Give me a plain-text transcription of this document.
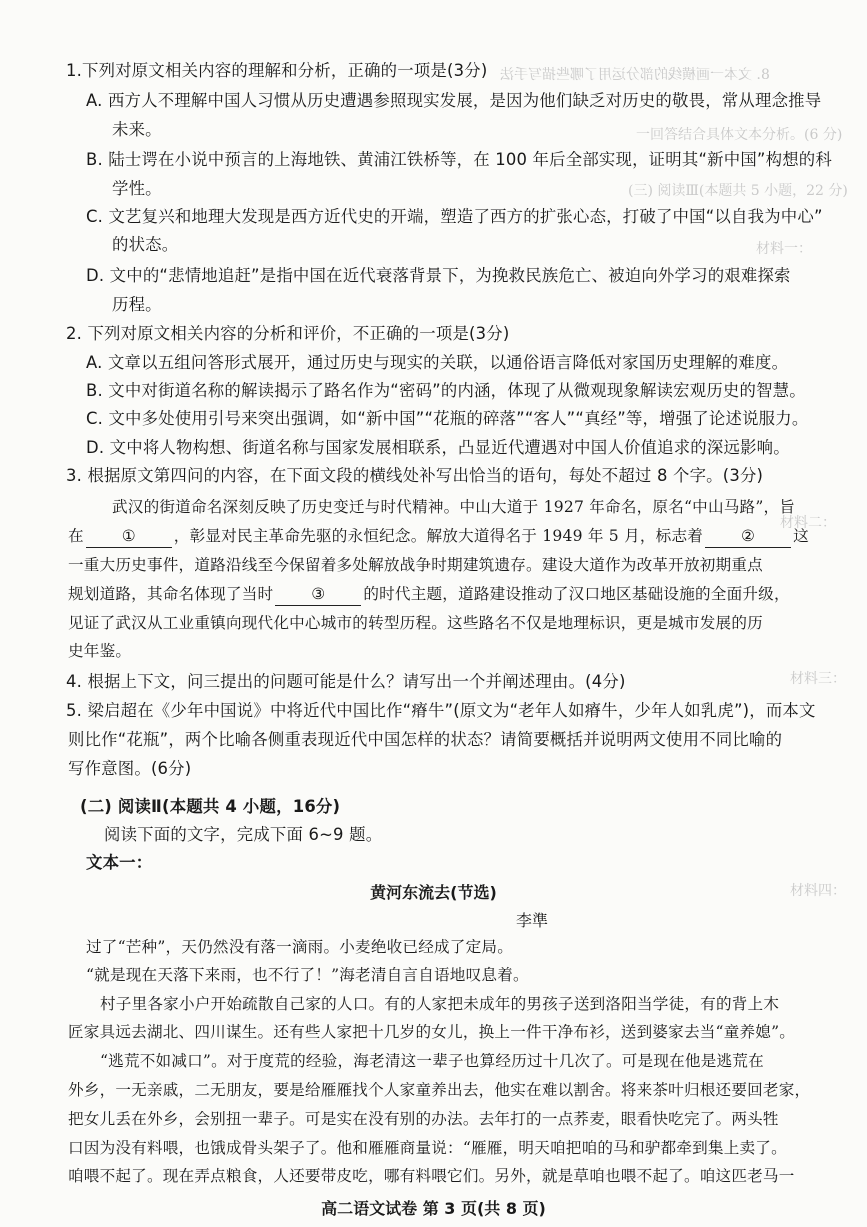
8. 文本一画横线的部分运用了哪些描写手法
一回答结合具体文本分析。(6 分)
(三) 阅读Ⅲ(本题共 5 小题，22 分)
材料一：
材料二：
材料三：
材料四：
1.下列对原文相关内容的理解和分析，正确的一项是(3分)
A. 西方人不理解中国人习惯从历史遭遇参照现实发展，是因为他们缺乏对历史的敬畏，常从理念推导
未来。
B. 陆士谔在小说中预言的上海地铁、黄浦江铁桥等，在 100 年后全部实现，证明其“新中国”构想的科
学性。
C. 文艺复兴和地理大发现是西方近代史的开端，塑造了西方的扩张心态，打破了中国“以自我为中心”
的状态。
D. 文中的“悲情地追赶”是指中国在近代衰落背景下，为挽救民族危亡、被迫向外学习的艰难探索
历程。
2. 下列对原文相关内容的分析和评价，不正确的一项是(3分)
A. 文章以五组问答形式展开，通过历史与现实的关联，以通俗语言降低对家国历史理解的难度。
B. 文中对街道名称的解读揭示了路名作为“密码”的内涵，体现了从微观现象解读宏观历史的智慧。
C. 文中多处使用引号来突出强调，如“新中国”“花瓶的碎落”“客人”“真经”等，增强了论述说服力。
D. 文中将人物构想、街道名称与国家发展相联系，凸显近代遭遇对中国人价值追求的深远影响。
3. 根据原文第四问的内容，在下面文段的横线处补写出恰当的语句，每处不超过 8 个字。(3分)
武汉的街道命名深刻反映了历史变迁与时代精神。中山大道于 1927 年命名，原名“中山马路”，旨
在 ① ，彰显对民主革命先驱的永恒纪念。解放大道得名于 1949 年 5 月，标志着 ② 这
一重大历史事件，道路沿线至今保留着多处解放战争时期建筑遗存。建设大道作为改革开放初期重点
规划道路，其命名体现了当时 ③ 的时代主题，道路建设推动了汉口地区基础设施的全面升级，
见证了武汉从工业重镇向现代化中心城市的转型历程。这些路名不仅是地理标识，更是城市发展的历
史年鉴。
4. 根据上下文，问三提出的问题可能是什么？请写出一个并阐述理由。(4分)
5. 梁启超在《少年中国说》中将近代中国比作“瘠牛”(原文为“老年人如瘠牛，少年人如乳虎”)，而本文
则比作“花瓶”，两个比喻各侧重表现近代中国怎样的状态？请简要概括并说明两文使用不同比喻的
写作意图。(6分)
(二) 阅读Ⅱ(本题共 4 小题，16分)
阅读下面的文字，完成下面 6~9 题。
文本一：
黄河东流去(节选)
李準
过了“芒种”，天仍然没有落一滴雨。小麦绝收已经成了定局。
“就是现在天落下来雨，也不行了！”海老清自言自语地叹息着。
村子里各家小户开始疏散自己家的人口。有的人家把未成年的男孩子送到洛阳当学徒，有的背上木
匠家具远去湖北、四川谋生。还有些人家把十几岁的女儿，换上一件干净布衫，送到婆家去当“童养媳”。
“逃荒不如减口”。对于度荒的经验，海老清这一辈子也算经历过十几次了。可是现在他是逃荒在
外乡，一无亲戚，二无朋友，要是给雁雁找个人家童养出去，他实在难以割舍。将来茶叶归根还要回老家，
把女儿丢在外乡，会别扭一辈子。可是实在没有别的办法。去年打的一点荞麦，眼看快吃完了。两头牲
口因为没有料喂，也饿成骨头架子了。他和雁雁商量说：“雁雁，明天咱把咱的马和驴都牵到集上卖了。
咱喂不起了。现在弄点粮食，人还要带皮吃，哪有料喂它们。另外，就是草咱也喂不起了。咱这匹老马一
高二语文试卷 第 3 页(共 8 页)
